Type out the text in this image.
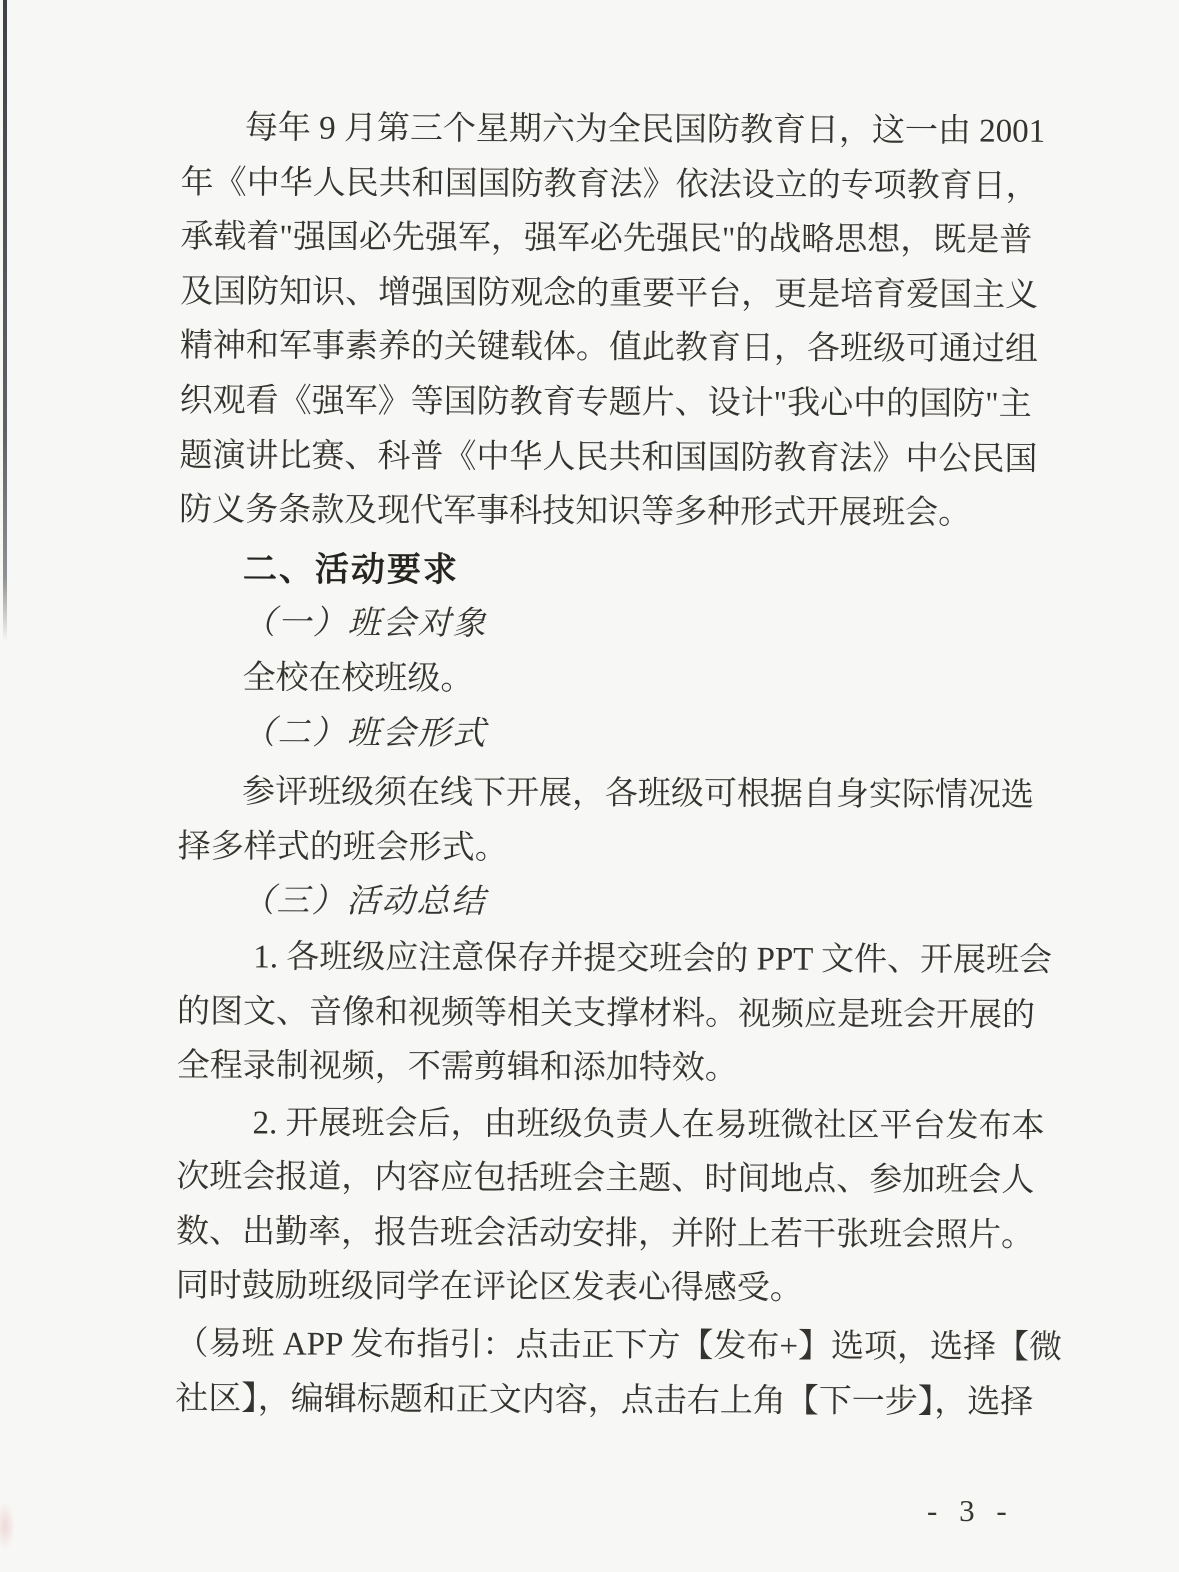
每年 9 月第三个星期六为全民国防教育日，这一由 2001
年《中华人民共和国国防教育法》依法设立的专项教育日，
承载着"强国必先强军，强军必先强民"的战略思想，既是普
及国防知识、增强国防观念的重要平台，更是培育爱国主义
精神和军事素养的关键载体。值此教育日，各班级可通过组
织观看《强军》等国防教育专题片、设计"我心中的国防"主
题演讲比赛、科普《中华人民共和国国防教育法》中公民国
防义务条款及现代军事科技知识等多种形式开展班会。
二、活动要求
（一）班会对象
全校在校班级。
（二）班会形式
参评班级须在线下开展，各班级可根据自身实际情况选
择多样式的班会形式。
（三）活动总结
1. 各班级应注意保存并提交班会的 PPT 文件、开展班会
的图文、音像和视频等相关支撑材料。视频应是班会开展的
全程录制视频，不需剪辑和添加特效。
2. 开展班会后，由班级负责人在易班微社区平台发布本
次班会报道，内容应包括班会主题、时间地点、参加班会人
数、出勤率，报告班会活动安排，并附上若干张班会照片。
同时鼓励班级同学在评论区发表心得感受。
（易班 APP 发布指引：点击正下方【发布+】选项，选择【微
社区】，编辑标题和正文内容，点击右上角【下一步】，选择
- 3 -
